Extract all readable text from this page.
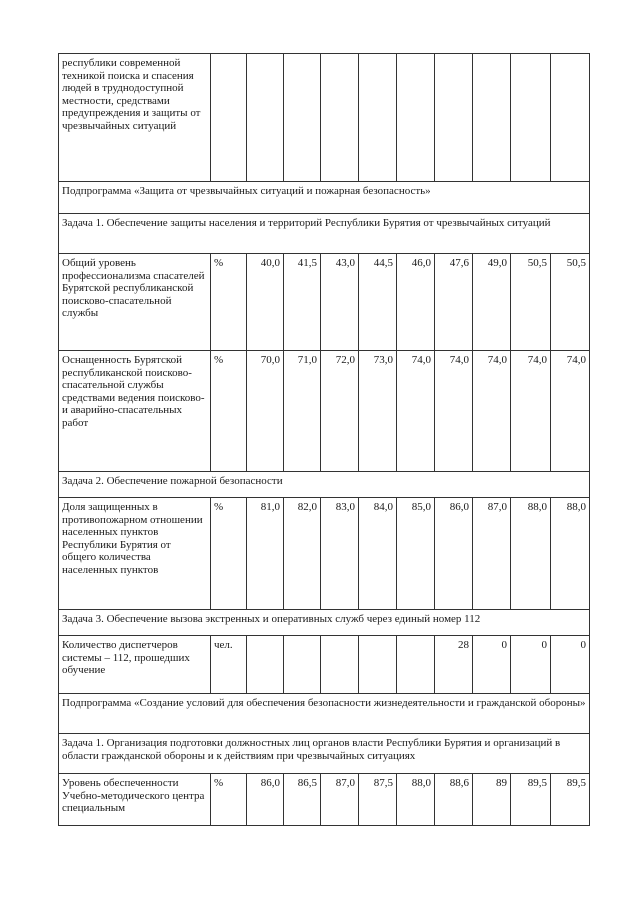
республики современной техникой поиска и спасения людей в труднодоступной местности, средствами предупреждения и защиты от чрезвычайных ситуаций										
Подпрограмма «Защита от чрезвычайных ситуаций и пожарная безопасность»										
Задача 1. Обеспечение защиты населения и территорий Республики Бурятия от чрезвычайных ситуаций										
Общий уровень профессионализма спасателей Бурятской республиканской поисково-спасательной службы	%	40,0	41,5	43,0	44,5	46,0	47,6	49,0	50,5	50,5
Оснащенность Бурятской республиканской поисково-спасательной службы средствами ведения поисково- и аварийно-спасательных работ	%	70,0	71,0	72,0	73,0	74,0	74,0	74,0	74,0	74,0
Задача 2. Обеспечение пожарной безопасности										
Доля защищенных в противопожарном отношении населенных пунктов Республики Бурятия от общего количества населенных пунктов	%	81,0	82,0	83,0	84,0	85,0	86,0	87,0	88,0	88,0
Задача 3. Обеспечение вызова экстренных и оперативных служб через единый номер 112										
Количество диспетчеров системы – 112, прошедших обучение	чел.						28	0	0	0
Подпрограмма «Создание условий для обеспечения безопасности жизнедеятельности и гражданской обороны»										
Задача 1. Организация подготовки должностных лиц органов власти Республики Бурятия и организаций в области гражданской обороны и к действиям при чрезвычайных ситуациях										
Уровень обеспеченности Учебно-методического центра специальным	%	86,0	86,5	87,0	87,5	88,0	88,6	89	89,5	89,5
